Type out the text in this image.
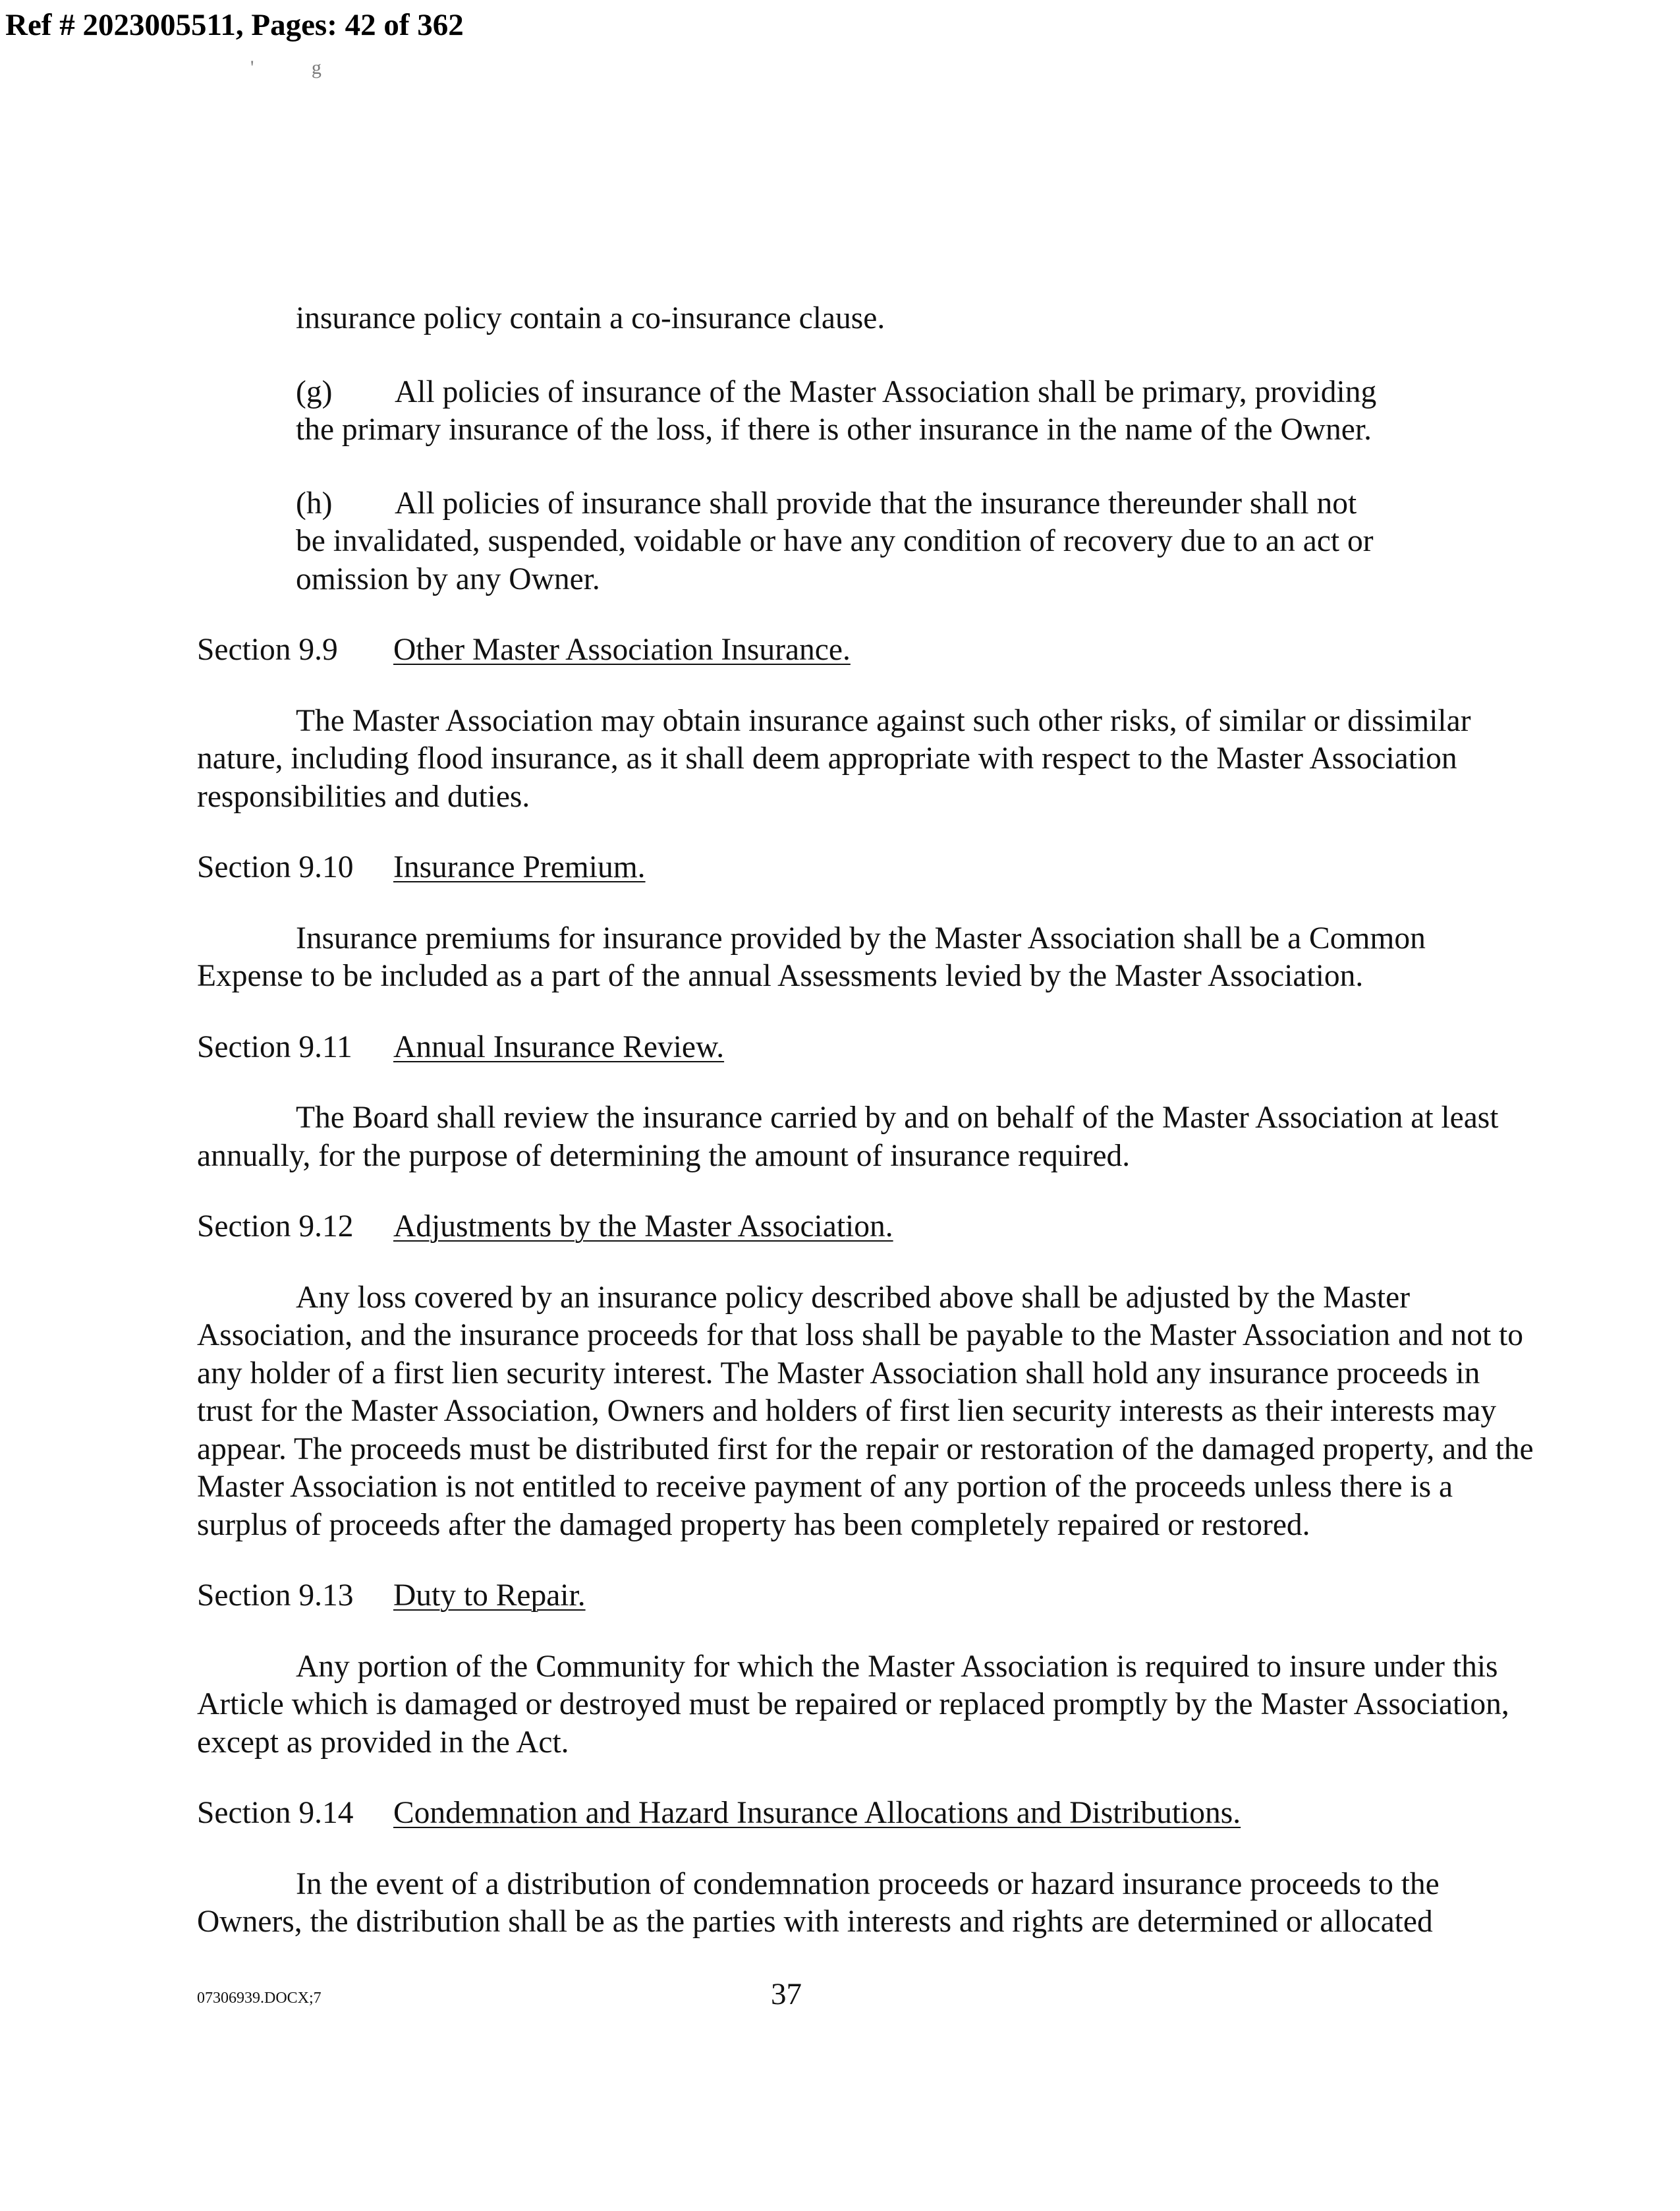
Ref # 2023005511, Pages: 42 of 362
' g

insurance policy contain a co-insurance clause.

(g) All policies of insurance of the Master Association shall be primary, providing

the primary insurance of the loss, if there is other insurance in the name of the Owner.

(h) All policies of insurance shall provide that the insurance thereunder shall not

be invalidated, suspended, voidable or have any condition of recovery due to an act or

omission by any Owner.

Section 9.9 Other Master Association Insurance.

The Master Association may obtain insurance against such other risks, of similar or dissimilar nature, including flood insurance, as it shall deem appropriate with respect to the Master Association responsibilities and duties.

Section 9.10 Insurance Premium.

Insurance premiums for insurance provided by the Master Association shall be a Common Expense to be included as a part of the annual Assessments levied by the Master Association.

Section 9.11 Annual Insurance Review.

The Board shall review the insurance carried by and on behalf of the Master Association at least annually, for the purpose of determining the amount of insurance required.

Section 9.12 Adjustments by the Master Association.

Any loss covered by an insurance policy described above shall be adjusted by the Master Association, and the insurance proceeds for that loss shall be payable to the Master Association and not to any holder of a first lien security interest. The Master Association shall hold any insurance proceeds in trust for the Master Association, Owners and holders of first lien security interests as their interests may appear. The proceeds must be distributed first for the repair or restoration of the damaged property, and the Master Association is not entitled to receive payment of any portion of the proceeds unless there is a surplus of proceeds after the damaged property has been completely repaired or restored.

Section 9.13 Duty to Repair.

Any portion of the Community for which the Master Association is required to insure under this Article which is damaged or destroyed must be repaired or replaced promptly by the Master Association, except as provided in the Act.

Section 9.14 Condemnation and Hazard Insurance Allocations and Distributions.

In the event of a distribution of condemnation proceeds or hazard insurance proceeds to the Owners, the distribution shall be as the parties with interests and rights are determined or allocated

07306939.DOCX;7	37
